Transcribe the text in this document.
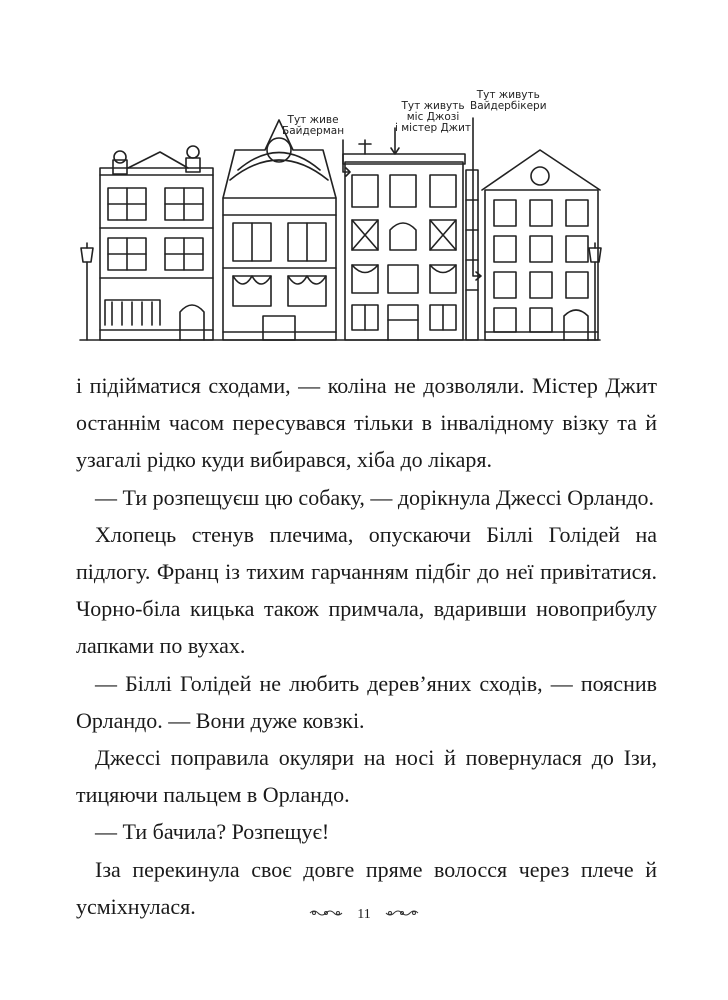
Тут живе
Байдерман
Тут живуть
міс Джозі
і містер Джит
Тут живуть
Вайдербікери

і підійматися сходами, — коліна не дозволяли. Містер Джит останнім часом пересувався тільки в інвалідному візку та й узагалі рідко куди вибирався, хіба до лікаря.

— Ти розпещуєш цю собаку, — дорікнула Джессі Орландо.

Хлопець стенув плечима, опускаючи Біллі Голідей на підлогу. Франц із тихим гарчанням підбіг до неї привітатися. Чорно-біла кицька також примчала, вдаривши новоприбулу лапками по вухах.

— Біллі Голідей не любить дерев’яних сходів, — пояснив Орландо. — Вони дуже ковзкі.

Джессі поправила окуляри на носі й повернулася до Ізи, тицяючи пальцем в Орландо.

— Ти бачила? Розпещує!

Іза перекинула своє довге пряме волосся через плече й усміхнулася.	11
